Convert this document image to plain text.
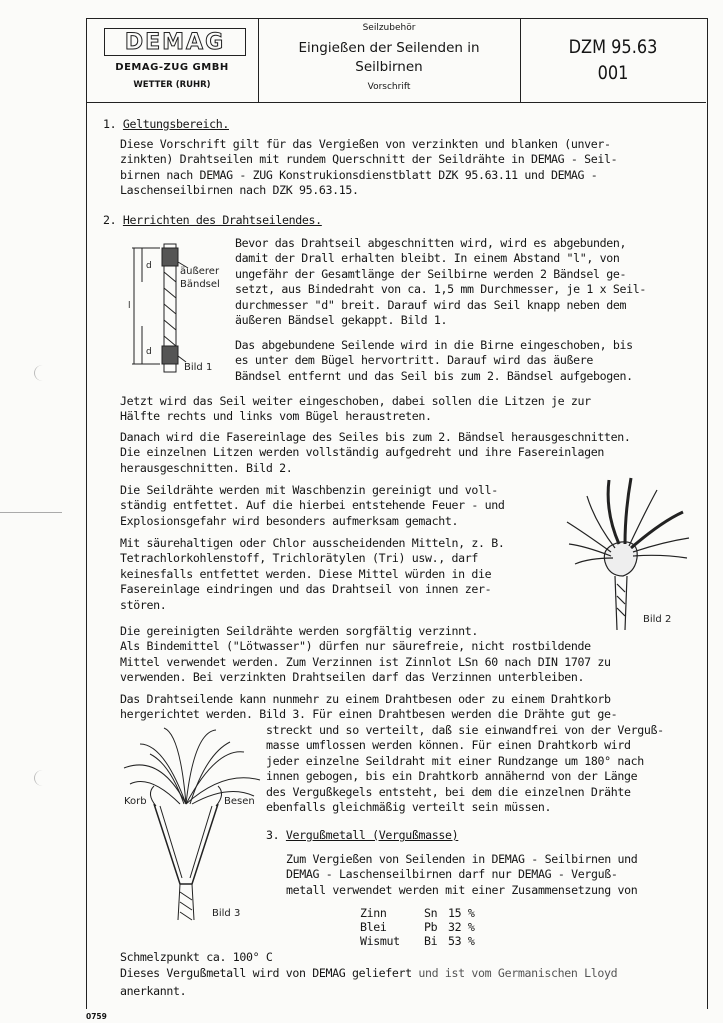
DEMAG
DEMAG-ZUG GMBH
WETTER (RUHR)
Seilzubehör
Eingießen der Seilenden in
Seilbirnen
Vorschrift
DZM 95.63
001
1. Geltungsbereich.
Diese Vorschrift gilt für das Vergießen von verzinkten und blanken (unver-
zinkten) Drahtseilen mit rundem Querschnitt der Seildrähte in DEMAG - Seil-
birnen nach DEMAG - ZUG Konstrukionsdienstblatt DZK 95.63.11 und DEMAG -
Laschenseilbirnen nach DZK 95.63.15.
2. Herrichten des Drahtseilendes.
d
l
d
äußerer
Bändsel
Bild 1
Bevor das Drahtseil abgeschnitten wird, wird es abgebunden,
damit der Drall erhalten bleibt. In einem Abstand "l", von
ungefähr der Gesamtlänge der Seilbirne werden 2 Bändsel ge-
setzt, aus Bindedraht von ca. 1,5 mm Durchmesser, je 1 x Seil-
durchmesser "d" breit. Darauf wird das Seil knapp neben dem
äußeren Bändsel gekappt. Bild 1.
Das abgebundene Seilende wird in die Birne eingeschoben, bis
es unter dem Bügel hervortritt. Darauf wird das äußere
Bändsel entfernt und das Seil bis zum 2. Bändsel aufgebogen.
Jetzt wird das Seil weiter eingeschoben, dabei sollen die Litzen je zur
Hälfte rechts und links vom Bügel heraustreten.
Danach wird die Fasereinlage des Seiles bis zum 2. Bändsel herausgeschnitten.
Die einzelnen Litzen werden vollständig aufgedreht und ihre Fasereinlagen
herausgeschnitten. Bild 2.
Die Seildrähte werden mit Waschbenzin gereinigt und voll-
ständig entfettet. Auf die hierbei entstehende Feuer - und
Explosionsgefahr wird besonders aufmerksam gemacht.
Mit säurehaltigen oder Chlor ausscheidenden Mitteln, z. B.
Tetrachlorkohlenstoff, Trichlorätylen (Tri) usw., darf
keinesfalls entfettet werden. Diese Mittel würden in die
Fasereinlage eindringen und das Drahtseil von innen zer-
stören.
Bild 2
Die gereinigten Seildrähte werden sorgfältig verzinnt.
Als Bindemittel ("Lötwasser") dürfen nur säurefreie, nicht rostbildende
Mittel verwendet werden. Zum Verzinnen ist Zinnlot LSn 60 nach DIN 1707 zu
verwenden. Bei verzinkten Drahtseilen darf das Verzinnen unterbleiben.
Das Drahtseilende kann nunmehr zu einem Drahtbesen oder zu einem Drahtkorb
hergerichtet werden. Bild 3. Für einen Drahtbesen werden die Drähte gut ge-
Korb	Besen
Bild 3
streckt und so verteilt, daß sie einwandfrei von der Verguß-
masse umflossen werden können. Für einen Drahtkorb wird
jeder einzelne Seildraht mit einer Rundzange um 180° nach
innen gebogen, bis ein Drahtkorb annähernd von der Länge
des Vergußkegels entsteht, bei dem die einzelnen Drähte
ebenfalls gleichmäßig verteilt sein müssen.
3. Vergußmetall (Vergußmasse)
Zum Vergießen von Seilenden in DEMAG - Seilbirnen und
DEMAG - Laschenseilbirnen darf nur DEMAG - Verguß-
metall verwendet werden mit einer Zusammensetzung von
Zinn	Sn 15 %
Blei	Pb 32 %
Wismut Bi 53 %
Schmelzpunkt ca. 100° C
Dieses Vergußmetall wird von DEMAG geliefert und ist vom Germanischen Lloyd
anerkannt.
0759
